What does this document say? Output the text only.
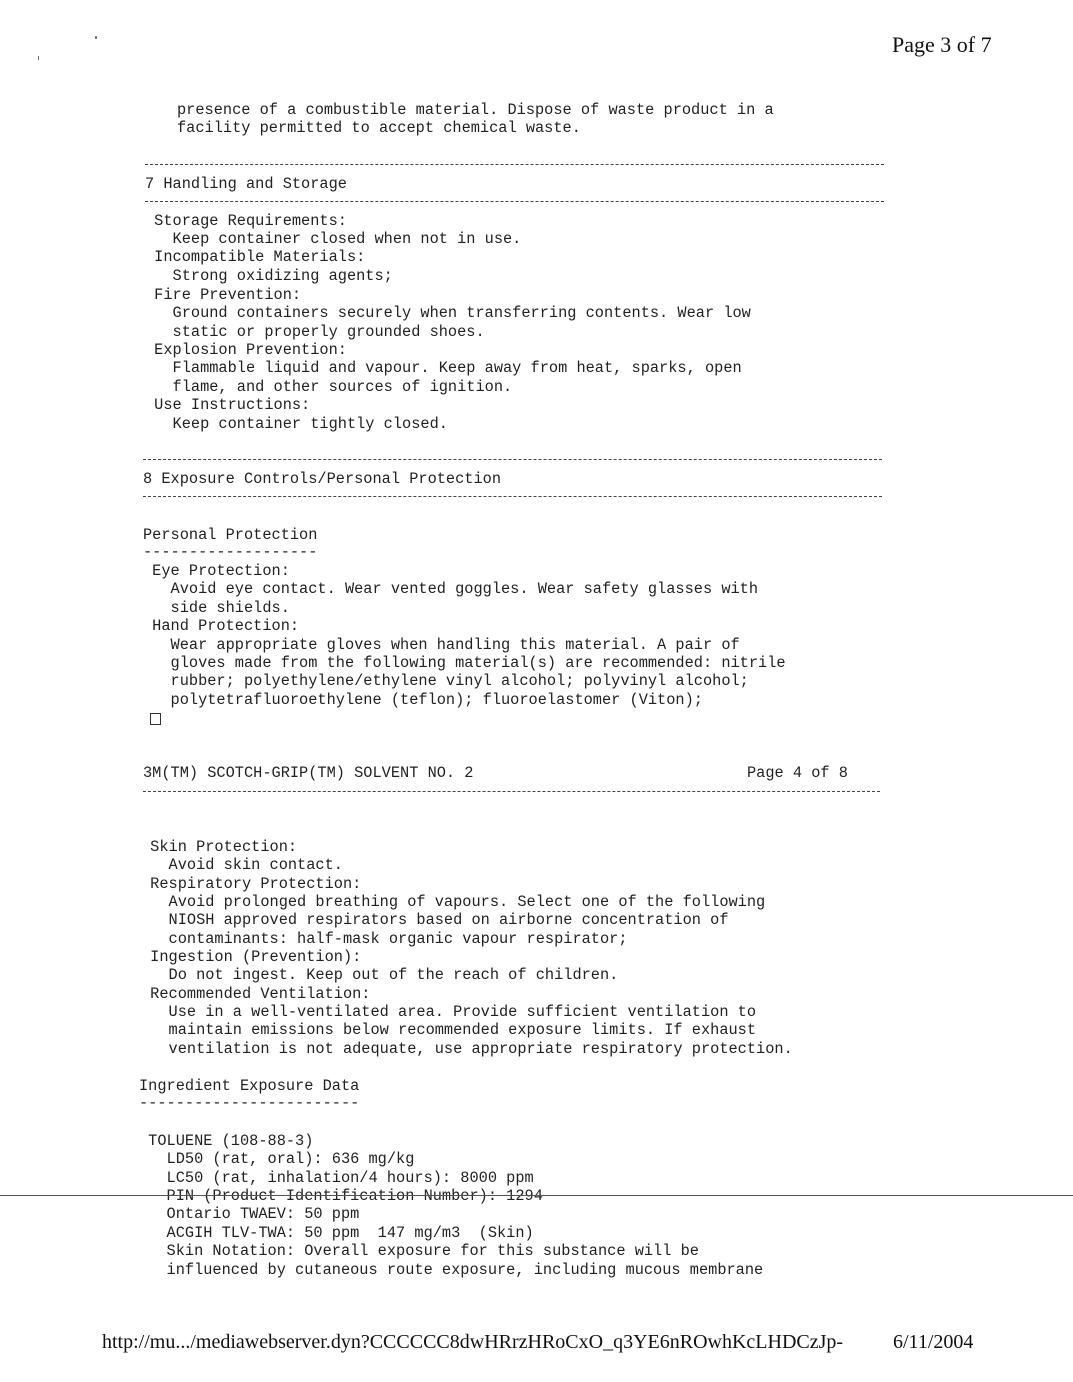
Page 3 of 7
presence of a combustible material. Dispose of waste product in a
facility permitted to accept chemical waste.
7 Handling and Storage
Storage Requirements:
Keep container closed when not in use.
Incompatible Materials:
Strong oxidizing agents;
Fire Prevention:
Ground containers securely when transferring contents. Wear low
static or properly grounded shoes.
Explosion Prevention:
Flammable liquid and vapour. Keep away from heat, sparks, open
flame, and other sources of ignition.
Use Instructions:
Keep container tightly closed.
8 Exposure Controls/Personal Protection
Personal Protection
-------------------
Eye Protection:
Avoid eye contact. Wear vented goggles. Wear safety glasses with
side shields.
Hand Protection:
Wear appropriate gloves when handling this material. A pair of
gloves made from the following material(s) are recommended: nitrile
rubber; polyethylene/ethylene vinyl alcohol; polyvinyl alcohol;
polytetrafluoroethylene (teflon); fluoroelastomer (Viton);
3M(TM) SCOTCH-GRIP(TM) SOLVENT NO. 2	Page 4 of 8
Skin Protection:
Avoid skin contact.
Respiratory Protection:
Avoid prolonged breathing of vapours. Select one of the following
NIOSH approved respirators based on airborne concentration of
contaminants: half-mask organic vapour respirator;
Ingestion (Prevention):
Do not ingest. Keep out of the reach of children.
Recommended Ventilation:
Use in a well-ventilated area. Provide sufficient ventilation to
maintain emissions below recommended exposure limits. If exhaust
ventilation is not adequate, use appropriate respiratory protection.
Ingredient Exposure Data
------------------------
TOLUENE (108-88-3)
LD50 (rat, oral): 636 mg/kg
LC50 (rat, inhalation/4 hours): 8000 ppm
PIN (Product Identification Number): 1294
Ontario TWAEV: 50 ppm
ACGIH TLV-TWA: 50 ppm  147 mg/m3  (Skin)
Skin Notation: Overall exposure for this substance will be
influenced by cutaneous route exposure, including mucous membrane
http://mu.../mediawebserver.dyn?CCCCCC8dwHRrzHRoCxO_q3YE6nROwhKcLHDCzJp- 6/11/2004
